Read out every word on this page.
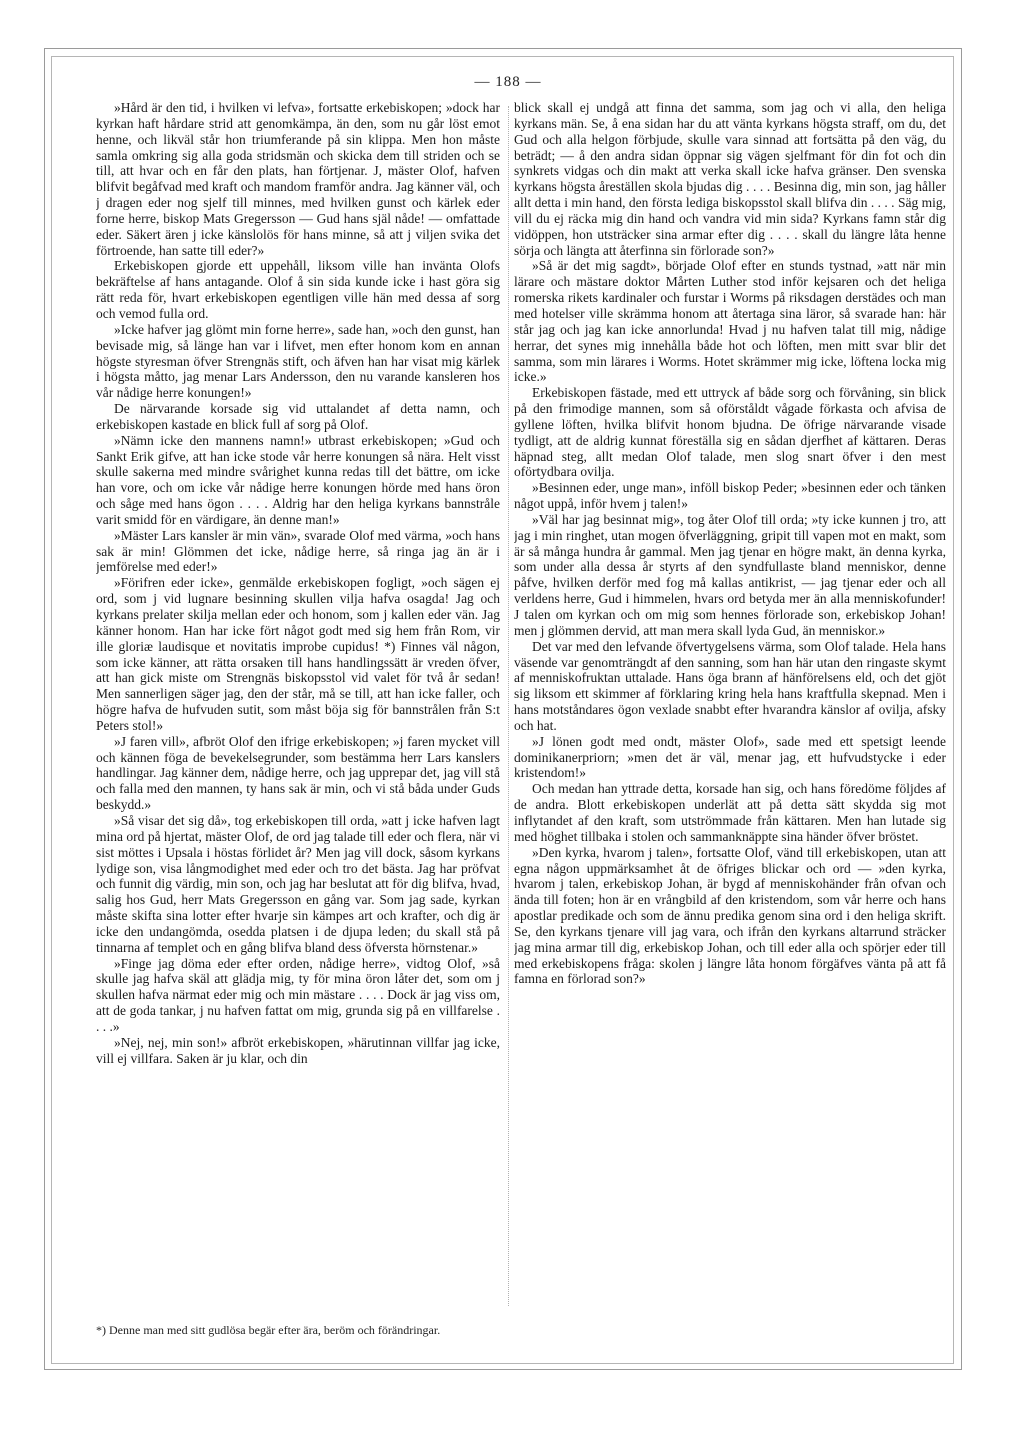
— 188 —

»Hård är den tid, i hvilken vi lefva», fortsatte erkebiskopen; »dock har kyrkan haft hårdare strid att genomkämpa, än den, som nu går löst emot henne, och likväl står hon triumferande på sin klippa. Men hon måste samla omkring sig alla goda stridsmän och skicka dem till striden och se till, att hvar och en får den plats, han förtjenar. J, mäster Olof, hafven blifvit begåfvad med kraft och mandom framför andra. Jag känner väl, och j dragen eder nog sjelf till minnes, med hvilken gunst och kärlek eder forne herre, biskop Mats Gregersson — Gud hans själ nåde! — omfattade eder. Säkert ären j icke känslolös för hans minne, så att j viljen svika det förtroende, han satte till eder?»

Erkebiskopen gjorde ett uppehåll, liksom ville han invänta Olofs bekräftelse af hans antagande. Olof å sin sida kunde icke i hast göra sig rätt reda för, hvart erkebiskopen egentligen ville hän med dessa af sorg och vemod fulla ord.

»Icke hafver jag glömt min forne herre», sade han, »och den gunst, han bevisade mig, så länge han var i lifvet, men efter honom kom en annan högste styresman öfver Strengnäs stift, och äfven han har visat mig kärlek i högsta måtto, jag menar Lars Andersson, den nu varande kansleren hos vår nådige herre konungen!»

De närvarande korsade sig vid uttalandet af detta namn, och erkebiskopen kastade en blick full af sorg på Olof.

»Nämn icke den mannens namn!» utbrast erkebiskopen; »Gud och Sankt Erik gifve, att han icke stode vår herre konungen så nära. Helt visst skulle sakerna med mindre svårighet kunna redas till det bättre, om icke han vore, och om icke vår nådige herre konungen hörde med hans öron och såge med hans ögon . . . . Aldrig har den heliga kyrkans bannstråle varit smidd för en värdigare, än denne man!»

»Mäster Lars kansler är min vän», svarade Olof med värma, »och hans sak är min! Glömmen det icke, nådige herre, så ringa jag än är i jemförelse med eder!»

»Förifren eder icke», genmälde erkebiskopen fogligt, »och sägen ej ord, som j vid lugnare besinning skullen vilja hafva osagda! Jag och kyrkans prelater skilja mellan eder och honom, som j kallen eder vän. Jag känner honom. Han har icke fört något godt med sig hem från Rom, vir ille gloriæ laudisque et novitatis improbe cupidus! *) Finnes väl någon, som icke känner, att rätta orsaken till hans handlingssätt är vreden öfver, att han gick miste om Strengnäs biskopsstol vid valet för två år sedan! Men sannerligen säger jag, den der står, må se till, att han icke faller, och högre hafva de hufvuden sutit, som måst böja sig för bannstrålen från S:t Peters stol!»

»J faren vill», afbröt Olof den ifrige erkebiskopen; »j faren mycket vill och kännen föga de bevekelsegrunder, som bestämma herr Lars kanslers handlingar. Jag känner dem, nådige herre, och jag upprepar det, jag vill stå och falla med den mannen, ty hans sak är min, och vi stå båda under Guds beskydd.»

»Så visar det sig då», tog erkebiskopen till orda, »att j icke hafven lagt mina ord på hjertat, mäster Olof, de ord jag talade till eder och flera, när vi sist möttes i Upsala i höstas förlidet år? Men jag vill dock, såsom kyrkans lydige son, visa långmodighet med eder och tro det bästa. Jag har pröfvat och funnit dig värdig, min son, och jag har beslutat att för dig blifva, hvad, salig hos Gud, herr Mats Gregersson en gång var. Som jag sade, kyrkan måste skifta sina lotter efter hvarje sin kämpes art och krafter, och dig är icke den undangömda, osedda platsen i de djupa leden; du skall stå på tinnarna af templet och en gång blifva bland dess öfversta hörnstenar.»

»Finge jag döma eder efter orden, nådige herre», vidtog Olof, »så skulle jag hafva skäl att glädja mig, ty för mina öron låter det, som om j skullen hafva närmat eder mig och min mästare . . . . Dock är jag viss om, att de goda tankar, j nu hafven fattat om mig, grunda sig på en villfarelse . . . .»

»Nej, nej, min son!» afbröt erkebiskopen, »härutinnan villfar jag icke, vill ej villfara. Saken är ju klar, och din

blick skall ej undgå att finna det samma, som jag och vi alla, den heliga kyrkans män. Se, å ena sidan har du att vänta kyrkans högsta straff, om du, det Gud och alla helgon förbjude, skulle vara sinnad att fortsätta på den väg, du beträdt; — å den andra sidan öppnar sig vägen sjelfmant för din fot och din synkrets vidgas och din makt att verka skall icke hafva gränser. Den svenska kyrkans högsta åreställen skola bjudas dig . . . . Besinna dig, min son, jag håller allt detta i min hand, den första lediga biskopsstol skall blifva din . . . . Säg mig, vill du ej räcka mig din hand och vandra vid min sida? Kyrkans famn står dig vidöppen, hon utsträcker sina armar efter dig . . . . skall du längre låta henne sörja och längta att återfinna sin förlorade son?»

»Så är det mig sagdt», började Olof efter en stunds tystnad, »att när min lärare och mästare doktor Mårten Luther stod inför kejsaren och det heliga romerska rikets kardinaler och furstar i Worms på riksdagen derstädes och man med hotelser ville skrämma honom att återtaga sina läror, så svarade han: här står jag och jag kan icke annorlunda! Hvad j nu hafven talat till mig, nådige herrar, det synes mig innehålla både hot och löften, men mitt svar blir det samma, som min lärares i Worms. Hotet skrämmer mig icke, löftena locka mig icke.»

Erkebiskopen fästade, med ett uttryck af både sorg och förvåning, sin blick på den frimodige mannen, som så oförståldt vågade förkasta och afvisa de gyllene löften, hvilka blifvit honom bjudna. De öfrige närvarande visade tydligt, att de aldrig kunnat föreställa sig en sådan djerfhet af kättaren. Deras häpnad steg, allt medan Olof talade, men slog snart öfver i den mest oförtydbara ovilja.

»Besinnen eder, unge man», inföll biskop Peder; »besinnen eder och tänken något uppå, inför hvem j talen!»

»Väl har jag besinnat mig», tog åter Olof till orda; »ty icke kunnen j tro, att jag i min ringhet, utan mogen öfverläggning, gripit till vapen mot en makt, som är så många hundra år gammal. Men jag tjenar en högre makt, än denna kyrka, som under alla dessa år styrts af den syndfullaste bland menniskor, denne påfve, hvilken derför med fog må kallas antikrist, — jag tjenar eder och all verldens herre, Gud i himmelen, hvars ord betyda mer än alla menniskofunder! J talen om kyrkan och om mig som hennes förlorade son, erkebiskop Johan! men j glömmen dervid, att man mera skall lyda Gud, än menniskor.»

Det var med den lefvande öfvertygelsens värma, som Olof talade. Hela hans väsende var genomträngdt af den sanning, som han här utan den ringaste skymt af menniskofruktan uttalade. Hans öga brann af hänförelsens eld, och det gjöt sig liksom ett skimmer af förklaring kring hela hans kraftfulla skepnad. Men i hans motståndares ögon vexlade snabbt efter hvarandra känslor af ovilja, afsky och hat.

»J lönen godt med ondt, mäster Olof», sade med ett spetsigt leende dominikanerpriorn; »men det är väl, menar jag, ett hufvudstycke i eder kristendom!»

Och medan han yttrade detta, korsade han sig, och hans föredöme följdes af de andra. Blott erkebiskopen underlät att på detta sätt skydda sig mot inflytandet af den kraft, som utströmmade från kättaren. Men han lutade sig med höghet tillbaka i stolen och sammanknäppte sina händer öfver bröstet.

»Den kyrka, hvarom j talen», fortsatte Olof, vänd till erkebiskopen, utan att egna någon uppmärksamhet åt de öfriges blickar och ord — »den kyrka, hvarom j talen, erkebiskop Johan, är bygd af menniskohänder från ofvan och ända till foten; hon är en vrångbild af den kristendom, som vår herre och hans apostlar predikade och som de ännu predika genom sina ord i den heliga skrift. Se, den kyrkans tjenare vill jag vara, och ifrån den kyrkans altarrund sträcker jag mina armar till dig, erkebiskop Johan, och till eder alla och spörjer eder till med erkebiskopens fråga: skolen j längre låta honom förgäfves vänta på att få famna en förlorad son?»

*) Denne man med sitt gudlösa begär efter ära, beröm och förändringar.
